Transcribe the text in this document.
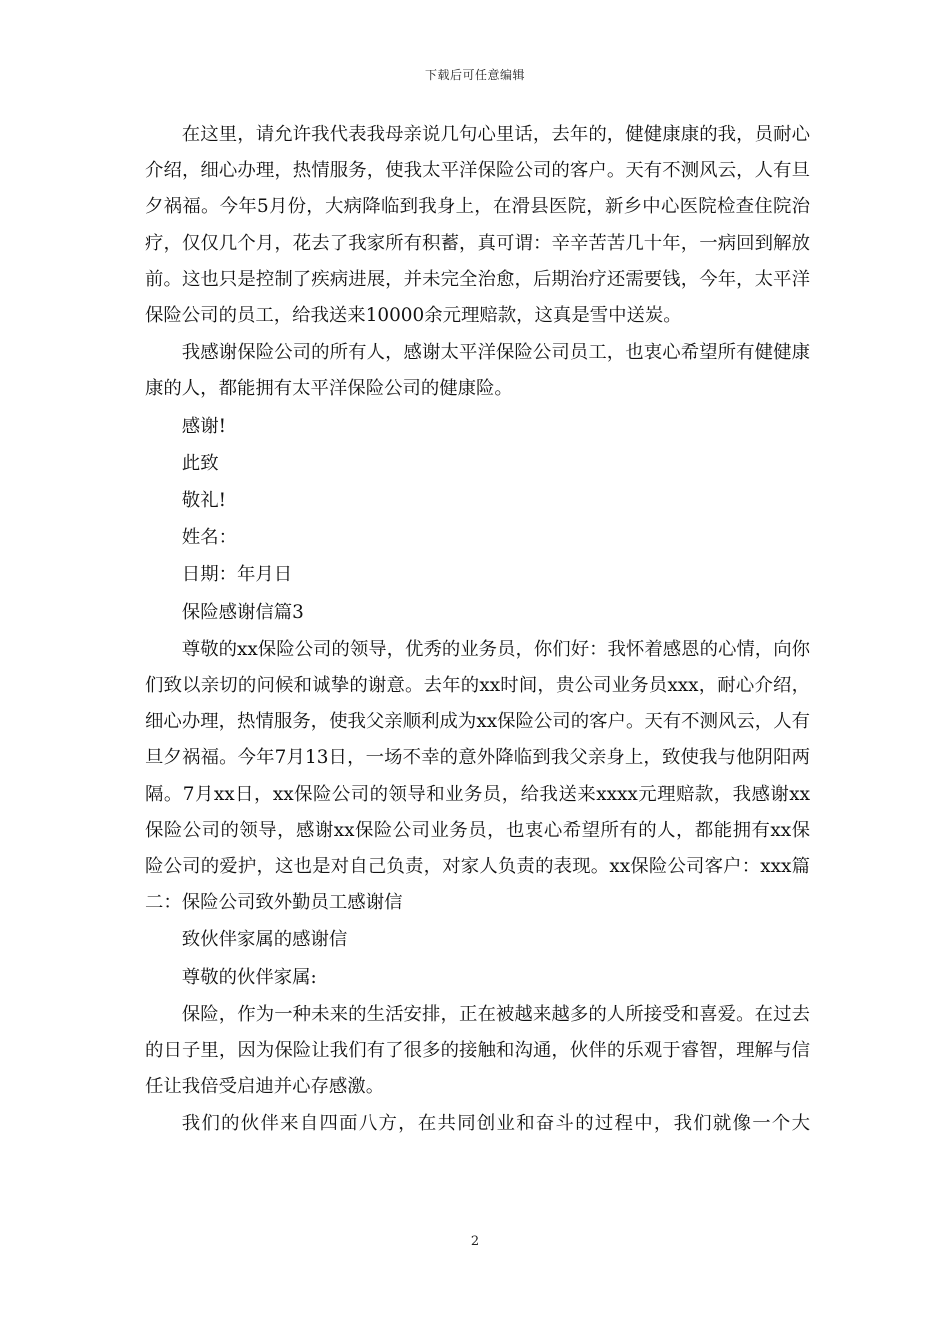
下载后可任意编辑

在这里，请允许我代表我母亲说几句心里话，去年的，健健康康的我，员耐心介绍，细心办理，热情服务，使我太平洋保险公司的客户。天有不测风云，人有旦夕祸福。今年5月份，大病降临到我身上，在滑县医院，新乡中心医院检查住院治疗，仅仅几个月，花去了我家所有积蓄，真可谓：辛辛苦苦几十年，一病回到解放前。这也只是控制了疾病进展，并未完全治愈，后期治疗还需要钱，今年，太平洋保险公司的员工，给我送来10000余元理赔款，这真是雪中送炭。

我感谢保险公司的所有人，感谢太平洋保险公司员工，也衷心希望所有健健康康的人，都能拥有太平洋保险公司的健康险。

感谢!

此致

敬礼!

姓名：

日期：年月日

保险感谢信篇3

尊敬的xx保险公司的领导，优秀的业务员，你们好：我怀着感恩的心情，向你们致以亲切的问候和诚挚的谢意。去年的xx时间，贵公司业务员xxx，耐心介绍，细心办理，热情服务，使我父亲顺利成为xx保险公司的客户。天有不测风云，人有旦夕祸福。今年7月13日，一场不幸的意外降临到我父亲身上，致使我与他阴阳两隔。7月xx日，xx保险公司的领导和业务员，给我送来xxxx元理赔款，我感谢xx保险公司的领导，感谢xx保险公司业务员，也衷心希望所有的人，都能拥有xx保险公司的爱护，这也是对自己负责，对家人负责的表现。xx保险公司客户：xxx篇二：保险公司致外勤员工感谢信

致伙伴家属的感谢信

尊敬的伙伴家属:

保险，作为一种未来的生活安排，正在被越来越多的人所接受和喜爱。在过去的日子里，因为保险让我们有了很多的接触和沟通，伙伴的乐观于睿智，理解与信任让我倍受启迪并心存感激。

我们的伙伴来自四面八方，在共同创业和奋斗的过程中，我们就像一个大

2
